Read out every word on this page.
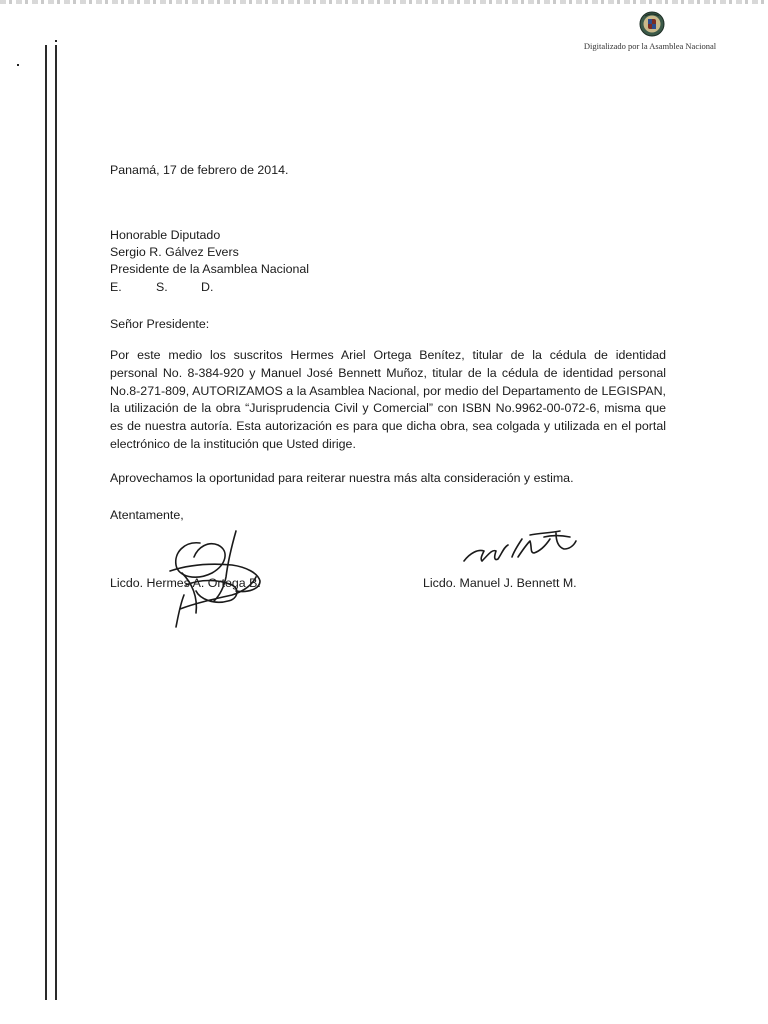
Digitalizado por la Asamblea Nacional
Panamá, 17 de febrero de 2014.
Honorable Diputado
Sergio R. Gálvez Evers
Presidente de la Asamblea Nacional
E.	S.	D.
Señor Presidente:
Por este medio los suscritos Hermes Ariel Ortega Benítez, titular de la cédula de identidad
personal No. 8-384-920 y Manuel José Bennett Muñoz, titular de la cédula de identidad personal
No.8-271-809, AUTORIZAMOS a la Asamblea Nacional, por medio del Departamento de LEGISPAN,
la utilización de la obra “Jurisprudencia Civil y Comercial” con ISBN No.9962-00-072-6, misma que
es de nuestra autoría. Esta autorización es para que dicha obra, sea colgada y utilizada en el portal
electrónico de la institución que Usted dirige.
Aprovechamos la oportunidad para reiterar nuestra más alta consideración y estima.
Atentamente,
Licdo. Hermes A. Ortega B.	Licdo. Manuel J. Bennett M.
